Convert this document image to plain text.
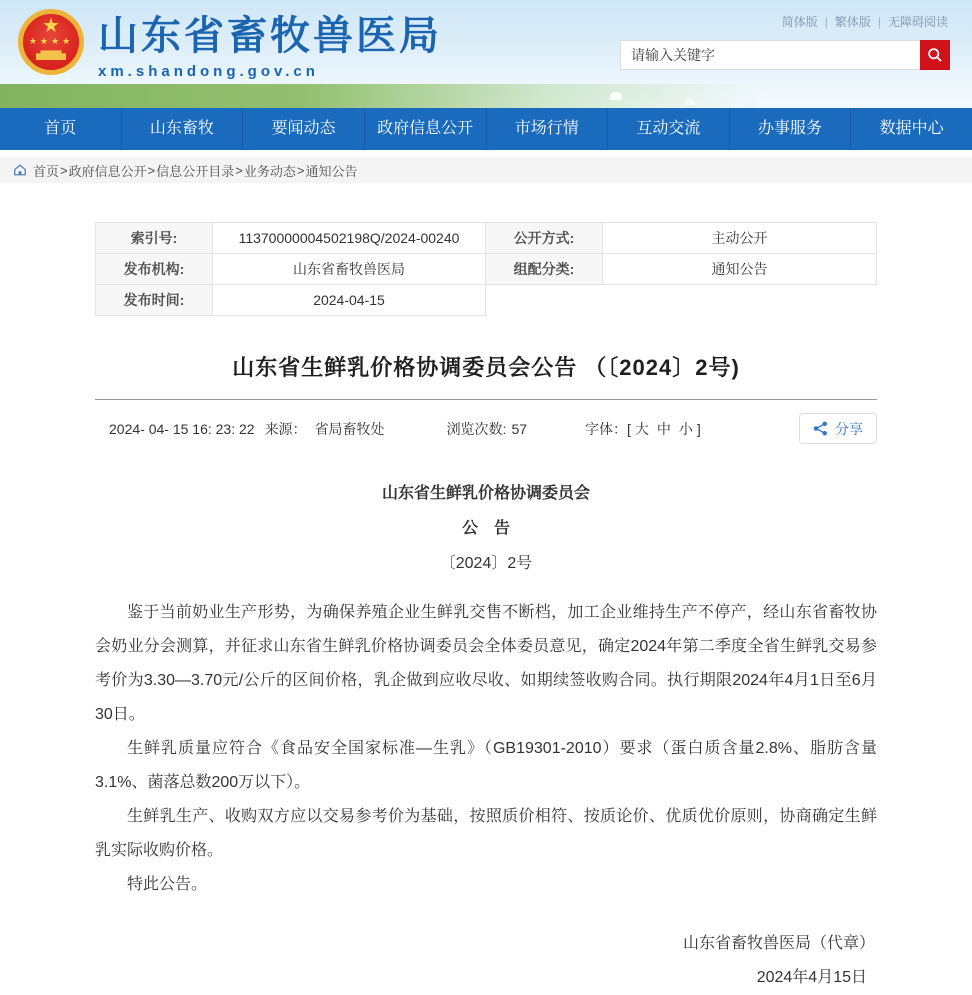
★
★★★★ 山东省畜牧兽医局
xm.shandong.gov.cn
简体版 | 繁体版 | 无障碍阅读
请输入关键字
首页	山东畜牧	要闻动态	政府信息公开	市场行情	互动交流	办事服务	数据中心
首页 > 政府信息公开 > 信息公开目录 > 业务动态 > 通知公告
索引号:	11370000004502198Q/2024-00240	公开方式:	主动公开
发布机构:	山东省畜牧兽医局	组配分类:	通知公告
发布时间:	2024-04-15		
山东省生鲜乳价格协调委员会公告 （〔2024〕2号)
2024- 04- 15 16: 23: 22 来源： 省局畜牧处	浏览次数: 57	字体：[ 大 中 小 ]	分享
山东省生鲜乳价格协调委员会
公　告
〔2024〕2号

鉴于当前奶业生产形势，为确保养殖企业生鲜乳交售不断档，加工企业维持生产不停产，经山东省畜牧协会奶业分会测算，并征求山东省生鲜乳价格协调委员会全体委员意见，确定2024年第二季度全省生鲜乳交易参考价为3.30—3.70元/公斤的区间价格，乳企做到应收尽收、如期续签收购合同。执行期限2024年4月1日至6月30日。

生鲜乳质量应符合《食品安全国家标准—生乳》（GB19301-2010）要求（蛋白质含量2.8%、脂肪含量3.1%、菌落总数200万以下）。

生鲜乳生产、收购双方应以交易参考价为基础，按照质价相符、按质论价、优质优价原则，协商确定生鲜乳实际收购价格。

特此公告。

山东省畜牧兽医局（代章）
2024年4月15日
